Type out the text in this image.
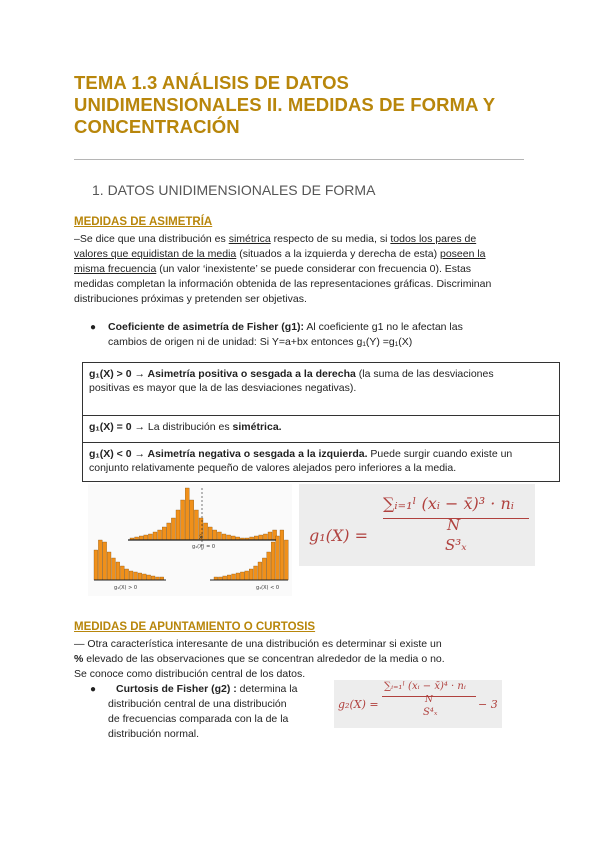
TEMA 1.3 ANÁLISIS DE DATOS
UNIDIMENSIONALES II. MEDIDAS DE FORMA Y
CONCENTRACIÓN
1. DATOS UNIDIMENSIONALES DE FORMA
MEDIDAS DE ASIMETRÍA
–Se dice que una distribución es simétrica respecto de su media, si todos los pares de
valores que equidistan de la media (situados a la izquierda y derecha de esta) poseen la
misma frecuencia (un valor ‘inexistente’ se puede considerar con frecuencia 0). Estas
medidas completan la información obtenida de las representaciones gráficas. Discriminan
distribuciones próximas y pretenden ser objetivas.
●	Coeficiente de asimetría de Fisher (g1): Al coeficiente g1 no le afectan las
cambios de origen ni de unidad: Si Y=a+bx entonces g₁(Y) =g₁(X)
g₁(X) > 0 → Asimetría positiva o sesgada a la derecha (la suma de las desviaciones
positivas es mayor que la de las desviaciones negativas).
g₁(X) = 0 → La distribución es simétrica.
g₁(X) < 0 → Asimetría negativa o sesgada a la izquierda. Puede surgir cuando existe un
conjunto relativamente pequeño de valores alejados pero inferiores a la media.
x̄
g₁(X) = 0
g₁(X) > 0	g₁(X) < 0
g₁(X) =
∑ᵢ₌₁ˡ (xᵢ − x̄)³ · nᵢ
N
S³ₓ
MEDIDAS DE APUNTAMIENTO O CURTOSIS
— Otra característica interesante de una distribución es determinar si existe un
% elevado de las observaciones que se concentran alrededor de la media o no.
Se conoce como distribución central de los datos.
●	Curtosis de Fisher (g2) : determina la
distribución central de una distribución
de frecuencias comparada con la de la
distribución normal.
g₂(X) =
∑ᵢ₌₁ˡ (xᵢ − x̄)⁴ · nᵢ
N
S⁴ₓ
− 3
